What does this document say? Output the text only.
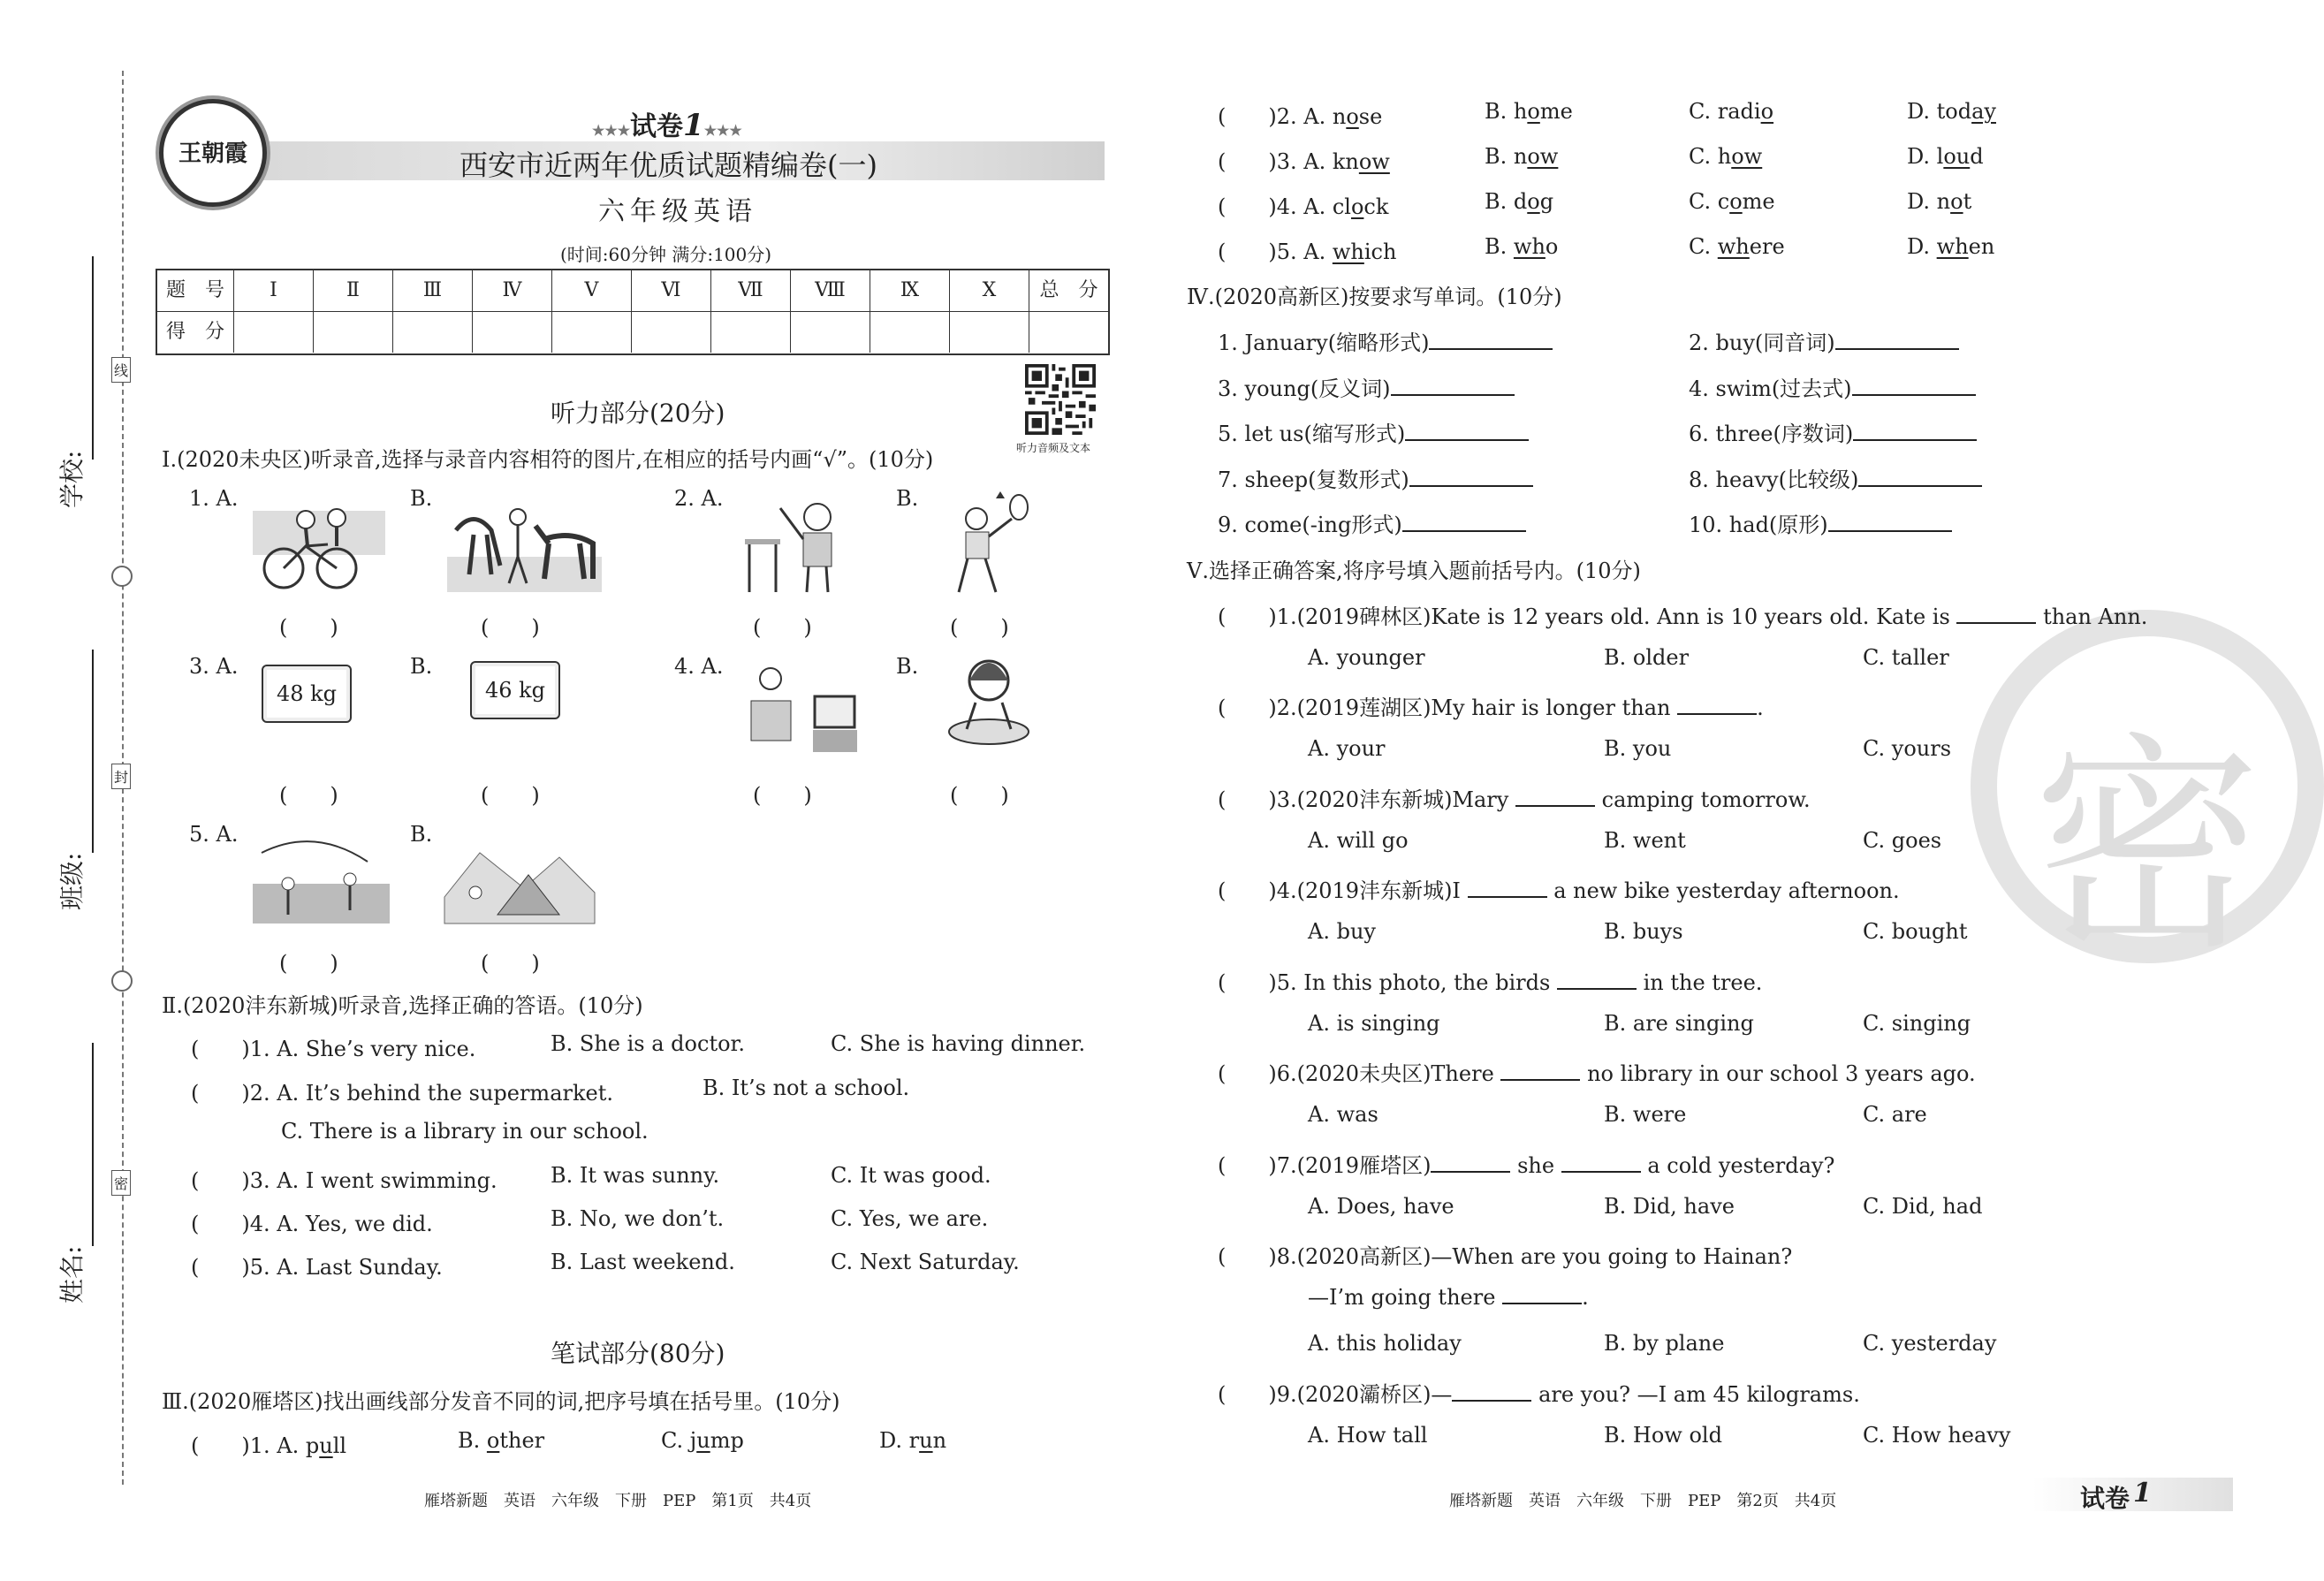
线
封
密
学校:
班级:
姓名:
王朝霞
★★★试卷1★★★
西安市近两年优质试题精编卷(一)
六年级英语
(时间:60分钟 满分:100分)
题　号	Ⅰ	Ⅱ	Ⅲ	Ⅳ	Ⅴ	Ⅵ	Ⅶ	Ⅷ	Ⅸ	Ⅹ	总　分
得　分
听力音频及文本
听力部分(20分)
Ⅰ.(2020未央区)听录音,选择与录音内容相符的图片,在相应的括号内画“√”。(10分)
1. A.	B.	2. A.	B.
3. A.	B.	4. A.	B.
5. A.	B.
48 kg	46 kg
(　　)	(　　)	(　　)	(　　)
(　　)	(　　)	(　　)	(　　)
(　　)	(　　)
Ⅱ.(2020沣东新城)听录音,选择正确的答语。(10分)
(　　)1. A. She’s very nice.	B. She is a doctor.	C. She is having dinner.
(　　)2. A. It’s behind the supermarket.	B. It’s not a school.
C. There is a library in our school.
(　　)3. A. I went swimming.	B. It was sunny.	C. It was good.
(　　)4. A. Yes, we did.	B. No, we don’t.	C. Yes, we are.
(　　)5. A. Last Sunday.	B. Last weekend.	C. Next Saturday.
笔试部分(80分)
Ⅲ.(2020雁塔区)找出画线部分发音不同的词,把序号填在括号里。(10分)
(　　)1. A. pull	B. other	C. jump	D. run
雁塔新题　英语　六年级　下册　PEP　第1页　共4页
密
(　　)2. A. nose	B. home	C. radio	D. today
(　　)3. A. know	B. now	C. how	D. loud
(　　)4. A. clock	B. dog	C. come	D. not
(　　)5. A. which	B. who	C. where	D. when
Ⅳ.(2020高新区)按要求写单词。(10分)
1. January(缩略形式)	2. buy(同音词)
3. young(反义词)	4. swim(过去式)
5. let us(缩写形式)	6. three(序数词)
7. sheep(复数形式)	8. heavy(比较级)
9. come(-ing形式)	10. had(原形)
Ⅴ.选择正确答案,将序号填入题前括号内。(10分)
(　　)1.(2019碑林区)Kate is 12 years old. Ann is 10 years old. Kate is	than Ann.
A. younger	B. older	C. taller
(　　)2.(2019莲湖区)My hair is longer than	.
A. your	B. you	C. yours
(　　)3.(2020沣东新城)Mary	camping tomorrow.
A. will go	B. went	C. goes
(　　)4.(2019沣东新城)I	a new bike yesterday afternoon.
A. buy	B. buys	C. bought
(　　)5. In this photo, the birds	in the tree.
A. is singing	B. are singing	C. singing
(　　)6.(2020未央区)There	no library in our school 3 years ago.
A. was	B. were	C. are
(　　)7.(2019雁塔区)	she	a cold yesterday?
A. Does, have	B. Did, have	C. Did, had
(　　)8.(2020高新区)—When are you going to Hainan?
—I’m going there	.
A. this holiday	B. by plane	C. yesterday
(　　)9.(2020灞桥区)—	are you? —I am 45 kilograms.
A. How tall	B. How old	C. How heavy
雁塔新题　英语　六年级　下册　PEP　第2页　共4页	试卷 1
